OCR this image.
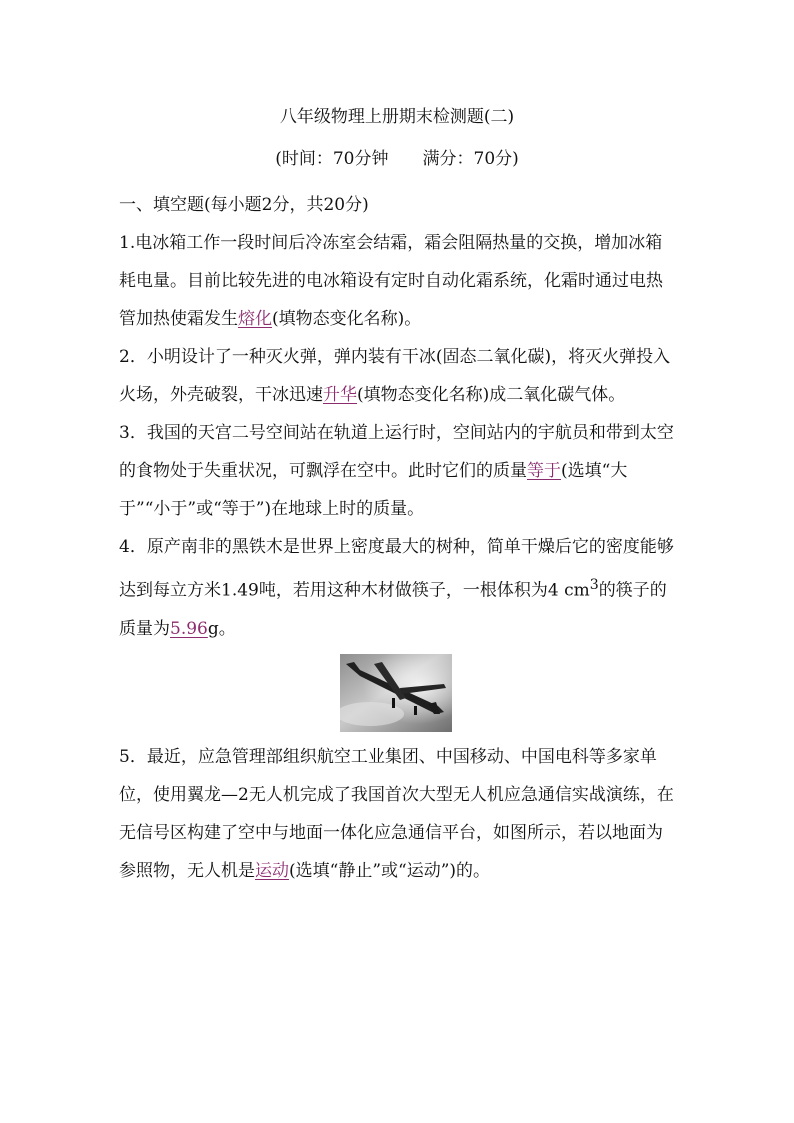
八年级物理上册期末检测题(二)
(时间：70分钟　　满分：70分)

一、填空题(每小题2分，共20分)

1.电冰箱工作一段时间后冷冻室会结霜，霜会阻隔热量的交换，增加冰箱耗电量。目前比较先进的电冰箱设有定时自动化霜系统，化霜时通过电热管加热使霜发生熔化(填物态变化名称)。

2．小明设计了一种灭火弹，弹内装有干冰(固态二氧化碳)，将灭火弹投入火场，外壳破裂，干冰迅速升华(填物态变化名称)成二氧化碳气体。

3．我国的天宫二号空间站在轨道上运行时，空间站内的宇航员和带到太空的食物处于失重状况，可飘浮在空中。此时它们的质量等于(选填“大于”“小于”或“等于”)在地球上时的质量。

4．原产南非的黑铁木是世界上密度最大的树种，简单干燥后它的密度能够达到每立方米1.49吨，若用这种木材做筷子，一根体积为4 $cm^3$的筷子的质量为5.96g。

5．最近，应急管理部组织航空工业集团、中国移动、中国电科等多家单位，使用翼龙—2无人机完成了我国首次大型无人机应急通信实战演练，在无信号区构建了空中与地面一体化应急通信平台，如图所示，若以地面为参照物，无人机是运动(选填“静止”或“运动”)的。
